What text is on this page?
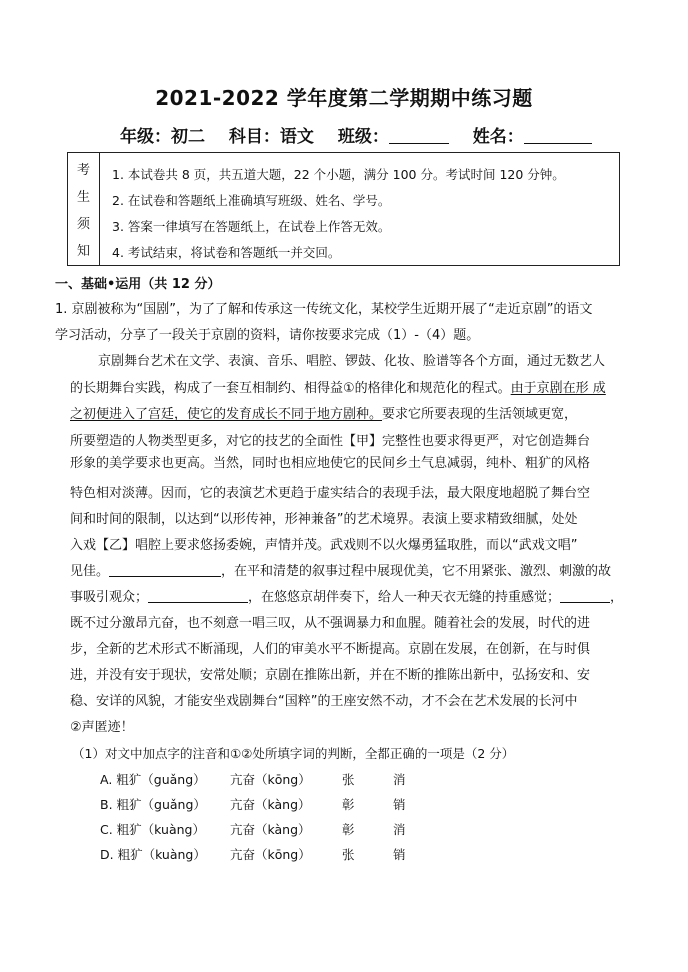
2021-2022 学年度第二学期期中练习题
年级：初二 科目：语文 班级：	姓名：
考
生
须
知
1. 本试卷共 8 页，共五道大题，22 个小题，满分 100 分。考试时间 120 分钟。
2. 在试卷和答题纸上准确填写班级、姓名、学号。
3. 答案一律填写在答题纸上，在试卷上作答无效。
4. 考试结束，将试卷和答题纸一并交回。
一、基础•运用（共 12 分）
1. 京剧被称为“国剧”，为了了解和传承这一传统文化，某校学生近期开展了“走近京剧”的语文
学习活动，分享了一段关于京剧的资料，请你按要求完成（1）-（4）题。
京剧舞台艺术在文学、表演、音乐、唱腔、锣鼓、化妆、脸谱等各个方面，通过无数艺人
的长期舞台实践，构成了一套互相制约、相得益①的格律化和规范化的程式。由于京剧在形 成
之初便进入了宫廷，使它的发育成长不同于地方剧种。要求它所要表现的生活领域更宽，
所要塑造的人物类型更多，对它的技艺的全面性【甲】完整性也要求得更严，对它创造舞台
形象的美学要求也更高。当然，同时也相应地使它的民间乡土气息减弱，纯朴、粗犷的风格
特色相对淡薄。因而，它的表演艺术更趋于虚实结合的表现手法，最大限度地超脱了舞台空
间和时间的限制，以达到“以形传神，形神兼备”的艺术境界。表演上要求精致细腻，处处
入戏【乙】唱腔上要求悠扬委婉，声情并茂。武戏则不以火爆勇猛取胜，而以“武戏文唱”
见佳。	，在平和清楚的叙事过程中展现优美，它不用紧张、激烈、刺激的故
事吸引观众；	，在悠悠京胡伴奏下，给人一种天衣无缝的持重感觉；	，
既不过分激昂亢奋，也不刻意一唱三叹，从不强调暴力和血腥。随着社会的发展，时代的进
步，全新的艺术形式不断涌现，人们的审美水平不断提高。京剧在发展，在创新，在与时俱
进，并没有安于现状，安常处顺；京剧在推陈出新，并在不断的推陈出新中，弘扬安和、安
稳、安详的风貌，才能安坐戏剧舞台“国粹”的王座安然不动，才不会在艺术发展的长河中
②声匿迹！
（1）对文中加点字的注音和①②处所填字词的判断，全都正确的一项是（2 分）
A. 粗犷（guǎng） 亢奋（kōng）	张	消
B. 粗犷（guǎng） 亢奋（kàng）	彰	销
C. 粗犷（kuàng） 亢奋（kàng）	彰	消
D. 粗犷（kuàng） 亢奋（kōng）	张	销
